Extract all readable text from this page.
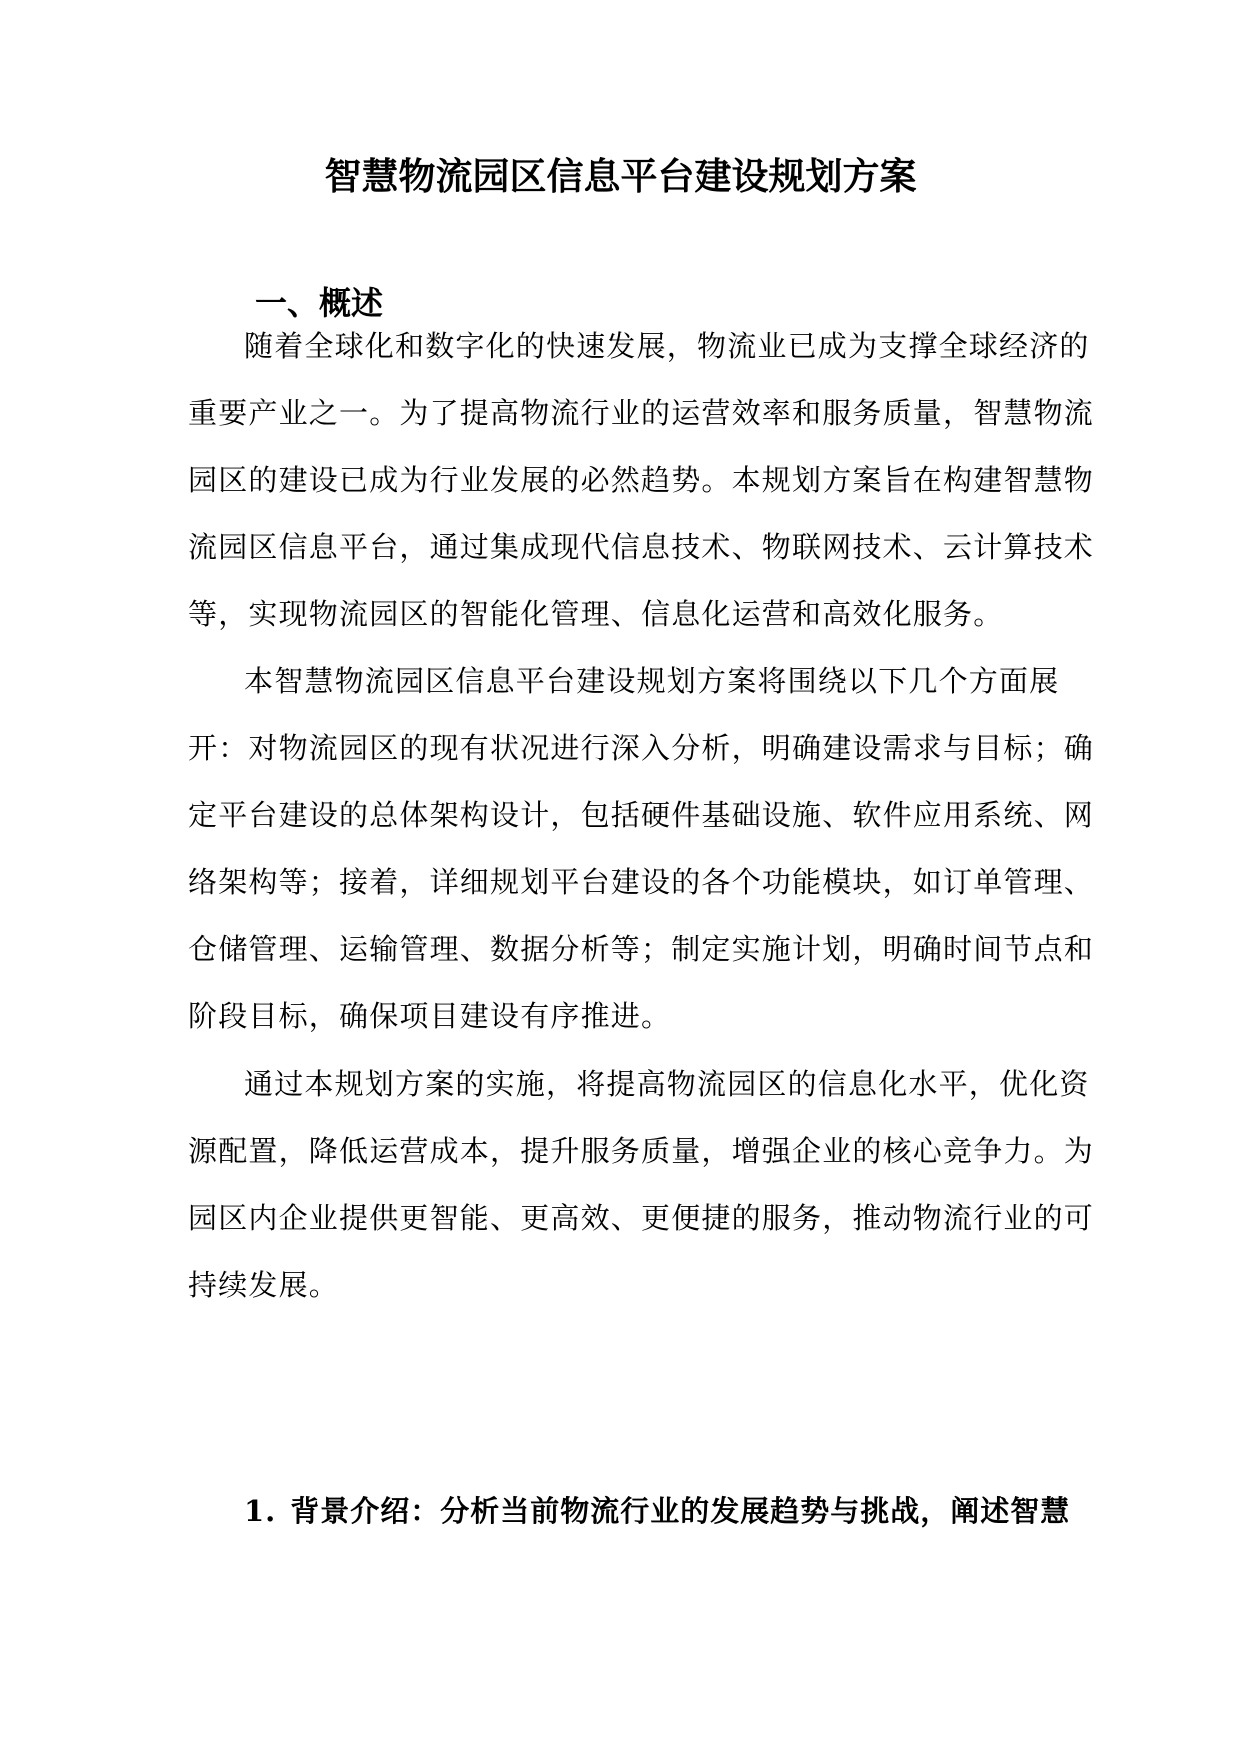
智慧物流园区信息平台建设规划方案
一、概述

随着全球化和数字化的快速发展，物流业已成为支撑全球经济的

重要产业之一。为了提高物流行业的运营效率和服务质量，智慧物流

园区的建设已成为行业发展的必然趋势。本规划方案旨在构建智慧物

流园区信息平台，通过集成现代信息技术、物联网技术、云计算技术

等，实现物流园区的智能化管理、信息化运营和高效化服务。

本智慧物流园区信息平台建设规划方案将围绕以下几个方面展

开：对物流园区的现有状况进行深入分析，明确建设需求与目标；确

定平台建设的总体架构设计，包括硬件基础设施、软件应用系统、网

络架构等；接着，详细规划平台建设的各个功能模块，如订单管理、

仓储管理、运输管理、数据分析等；制定实施计划，明确时间节点和

阶段目标，确保项目建设有序推进。

通过本规划方案的实施，将提高物流园区的信息化水平，优化资

源配置，降低运营成本，提升服务质量，增强企业的核心竞争力。为

园区内企业提供更智能、更高效、更便捷的服务，推动物流行业的可

持续发展。

1. 背景介绍：分析当前物流行业的发展趋势与挑战，阐述智慧
